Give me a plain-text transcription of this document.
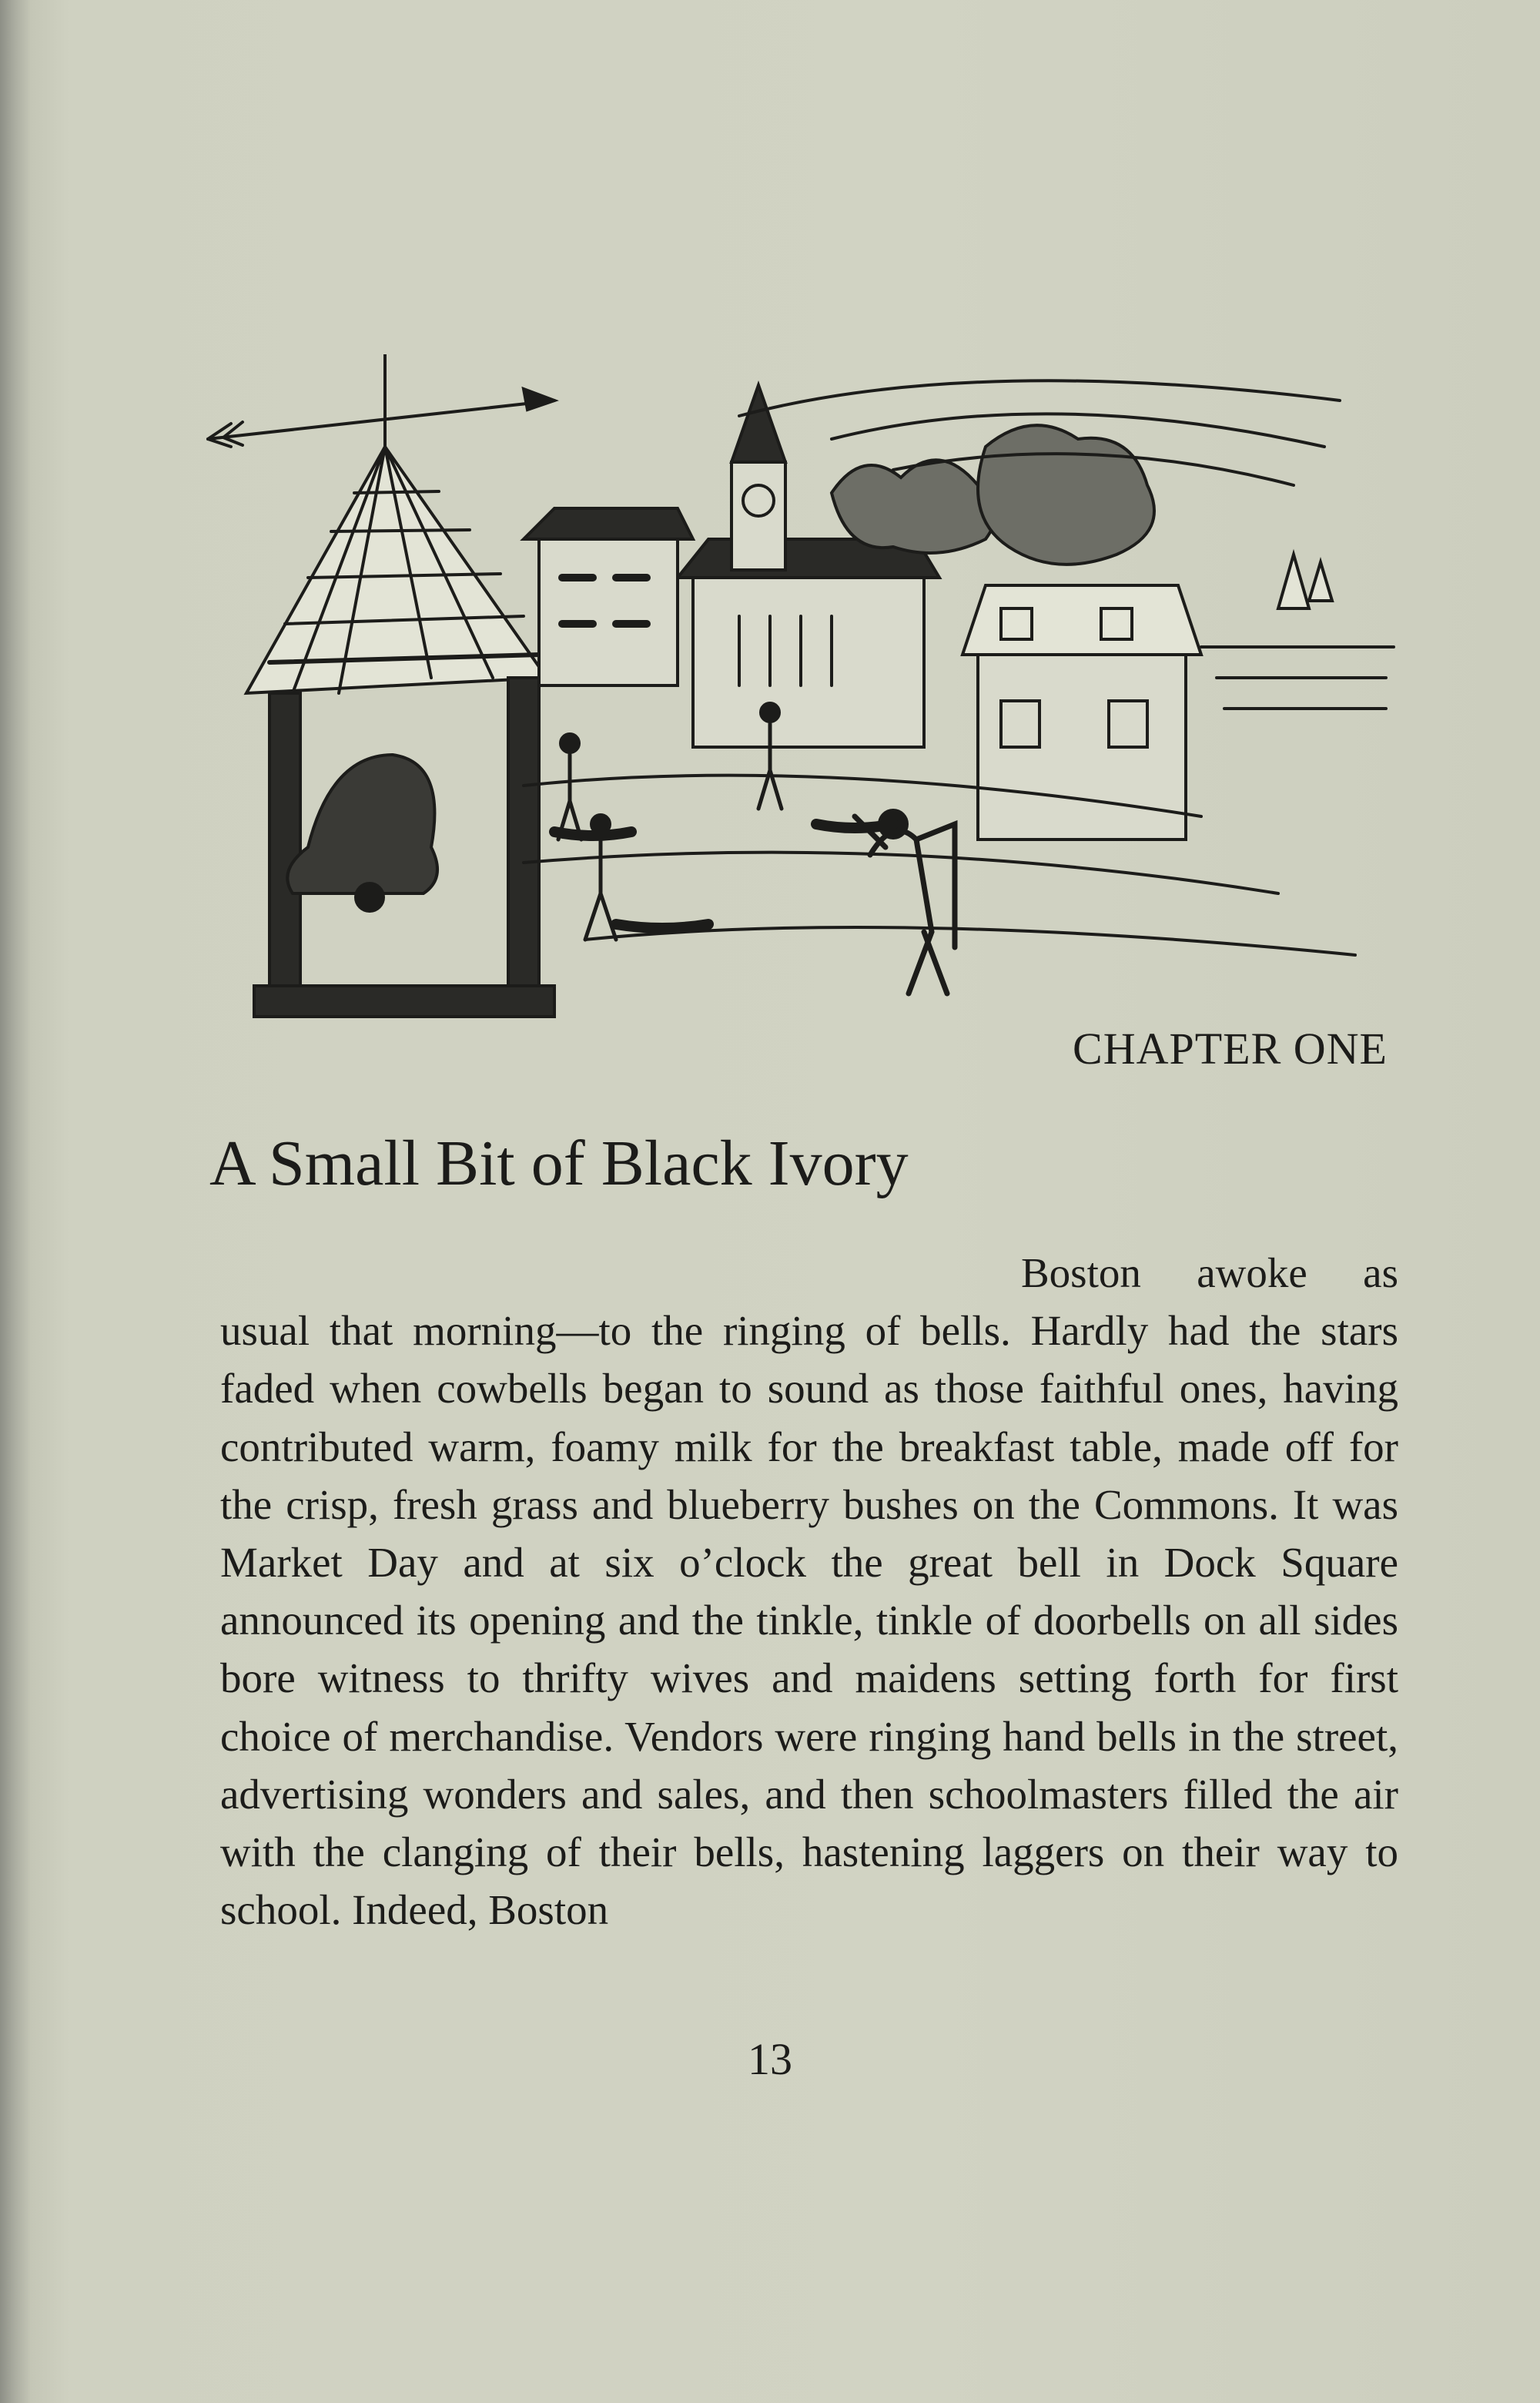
CHAPTER ONE
A Small Bit of Black Ivory

Boston awoke as usual that morning—to the ringing of bells. Hardly had the stars faded when cowbells began to sound as those faithful ones, having contributed warm, foamy milk for the breakfast table, made off for the crisp, fresh grass and blueberry bushes on the Commons. It was Market Day and at six o’clock the great bell in Dock Square announced its opening and the tinkle, tinkle of doorbells on all sides bore witness to thrifty wives and maidens setting forth for first choice of merchandise. Vendors were ringing hand bells in the street, advertising wonders and sales, and then schoolmasters filled the air with the clanging of their bells, hastening laggers on their way to school. Indeed, Boston

13
